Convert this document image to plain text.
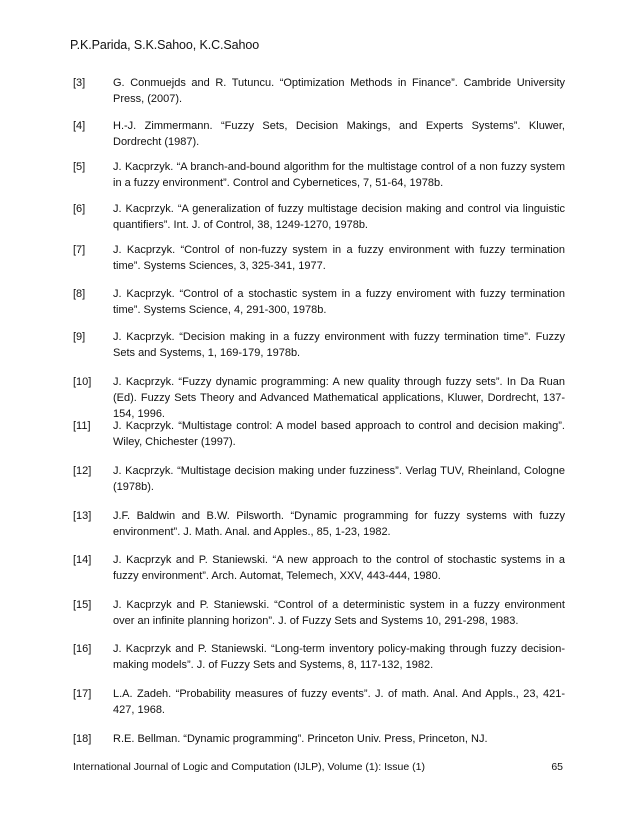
P.K.Parida, S.K.Sahoo, K.C.Sahoo
[3]	G. Conmuejds and R. Tutuncu. “Optimization Methods in Finance”. Cambride University Press, (2007).
[4]	H.-J. Zimmermann. “Fuzzy Sets, Decision Makings, and Experts Systems”. Kluwer, Dordrecht (1987).
[5]	J. Kacprzyk. “A branch-and-bound algorithm for the multistage control of a non fuzzy system in a fuzzy environment”. Control and Cybernetices, 7, 51-64, 1978b.
[6]	J. Kacprzyk. “A generalization of fuzzy multistage decision making and control via linguistic quantifiers”. Int. J. of Control, 38, 1249-1270, 1978b.
[7]	J. Kacprzyk. “Control of non-fuzzy system in a fuzzy environment with fuzzy termination time”. Systems Sciences, 3, 325-341, 1977.
[8]	J. Kacprzyk. “Control of a stochastic system in a fuzzy enviroment with fuzzy termination time”. Systems Science, 4, 291-300, 1978b.
[9]	J. Kacprzyk. “Decision making in a fuzzy environment with fuzzy termination time”. Fuzzy Sets and Systems, 1, 169-179, 1978b.
[10] J. Kacprzyk. “Fuzzy dynamic programming: A new quality through fuzzy sets”. In Da Ruan (Ed). Fuzzy Sets Theory and Advanced Mathematical applications, Kluwer, Dordrecht, 137-154, 1996.
[11] J. Kacprzyk. “Multistage control: A model based approach to control and decision making”. Wiley, Chichester (1997).
[12] J. Kacprzyk. “Multistage decision making under fuzziness”. Verlag TUV, Rheinland, Cologne (1978b).
[13] J.F. Baldwin and B.W. Pilsworth. “Dynamic programming for fuzzy systems with fuzzy environment”. J. Math. Anal. and Apples., 85, 1-23, 1982.
[14] J. Kacprzyk and P. Staniewski. “A new approach to the control of stochastic systems in a fuzzy environment”. Arch. Automat, Telemech, XXV, 443-444, 1980.
[15] J. Kacprzyk and P. Staniewski. “Control of a deterministic system in a fuzzy environment over an infinite planning horizon”. J. of Fuzzy Sets and Systems 10, 291-298, 1983.
[16] J. Kacprzyk and P. Staniewski. “Long-term inventory policy-making through fuzzy decision-making models”. J. of Fuzzy Sets and Systems, 8, 117-132, 1982.
[17] L.A. Zadeh. “Probability measures of fuzzy events”. J. of math. Anal. And Appls., 23, 421-427, 1968.
[18] R.E. Bellman. “Dynamic programming”. Princeton Univ. Press, Princeton, NJ.
International Journal of Logic and Computation (IJLP), Volume (1): Issue (1)	65
